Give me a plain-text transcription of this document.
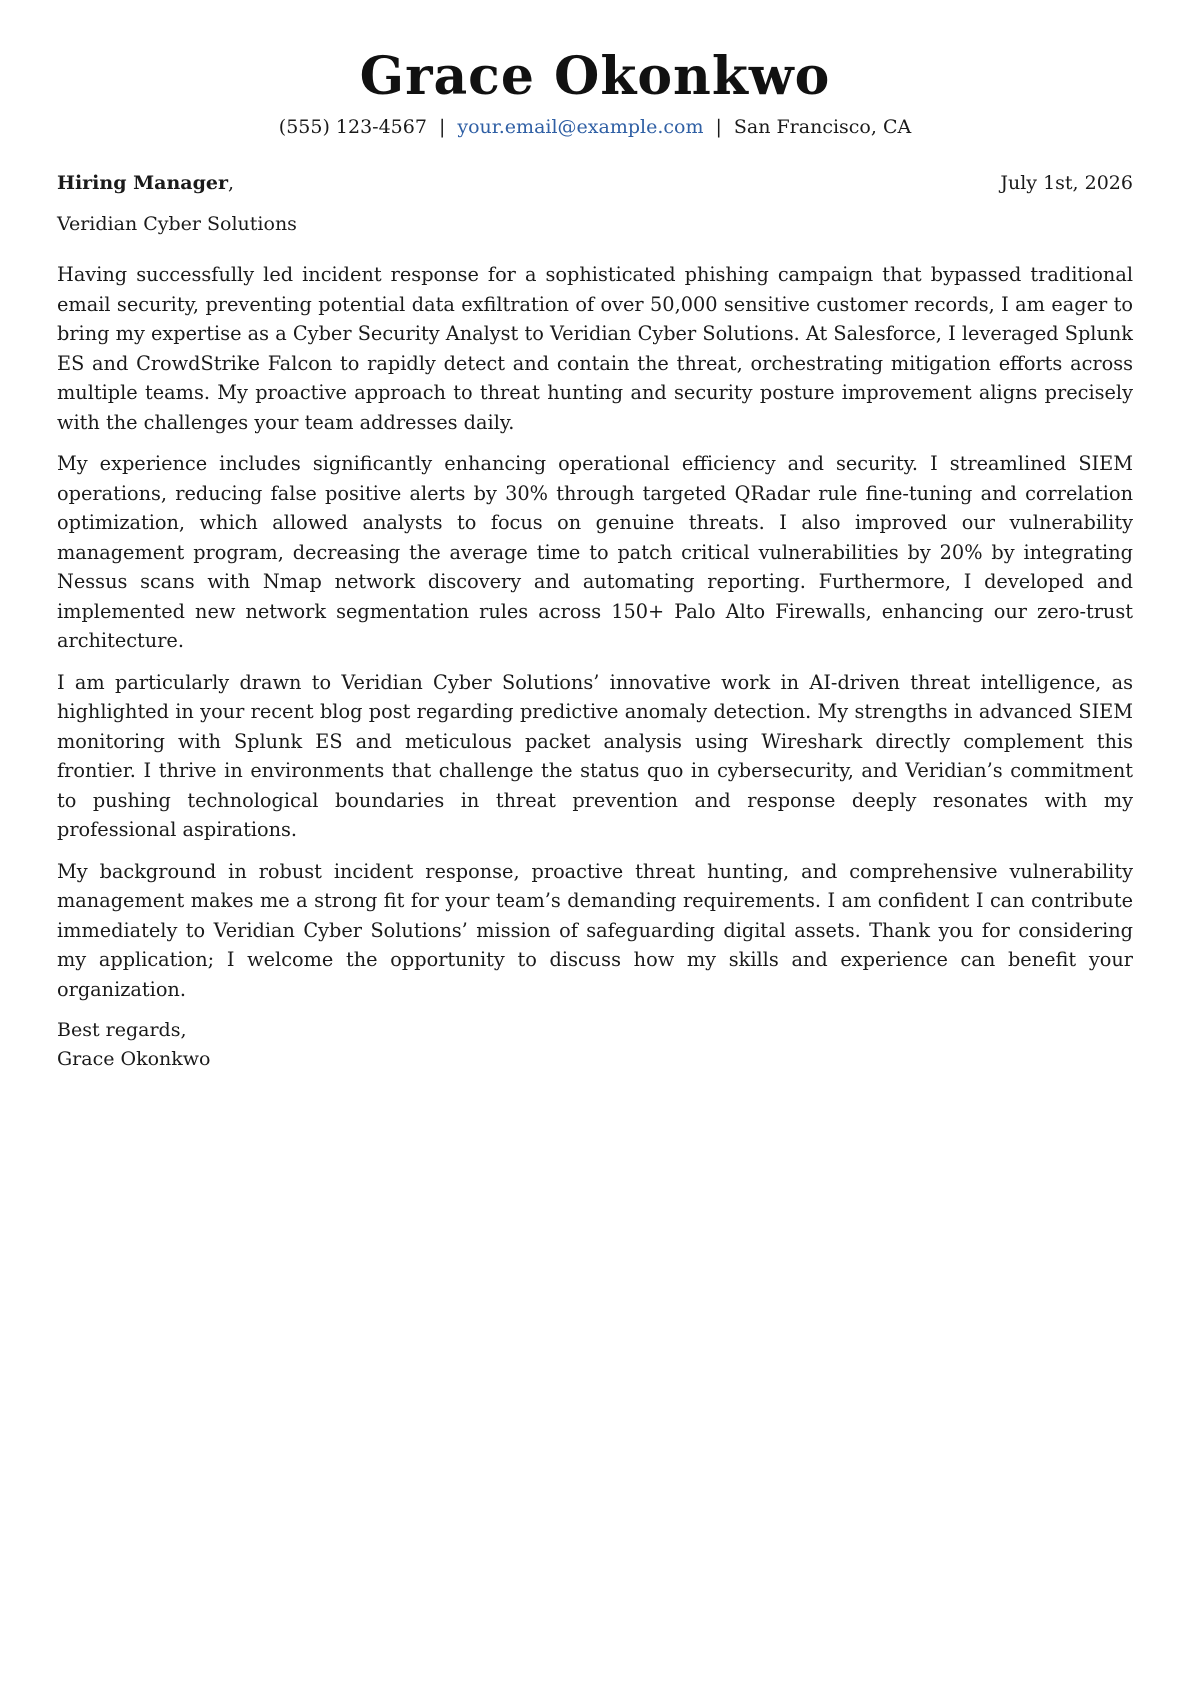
Grace Okonkwo
(555) 123-4567 | your.email@example.com | San Francisco, CA
Hiring Manager,	July 1st, 2026
Veridian Cyber Solutions

Having successfully led incident response for a sophisticated phishing campaign that bypassed traditional email security, preventing potential data exfiltration of over 50,000 sensitive customer records, I am eager to bring my expertise as a Cyber Security Analyst to Veridian Cyber Solutions. At Salesforce, I leveraged Splunk ES and CrowdStrike Falcon to rapidly detect and contain the threat, orchestrating mitigation efforts across multiple teams. My proactive approach to threat hunting and security posture improvement aligns precisely with the challenges your team addresses daily.

My experience includes significantly enhancing operational efficiency and security. I streamlined SIEM operations, reducing false positive alerts by 30% through targeted QRadar rule fine-tuning and correlation optimization, which allowed analysts to focus on genuine threats. I also improved our vulnerability management program, decreasing the average time to patch critical vulnerabilities by 20% by integrating Nessus scans with Nmap network discovery and automating reporting. Furthermore, I developed and implemented new network segmentation rules across 150+ Palo Alto Firewalls, enhancing our zero-trust architecture.

I am particularly drawn to Veridian Cyber Solutions’ innovative work in AI-driven threat intelligence, as highlighted in your recent blog post regarding predictive anomaly detection. My strengths in advanced SIEM monitoring with Splunk ES and meticulous packet analysis using Wireshark directly complement this frontier. I thrive in environments that challenge the status quo in cybersecurity, and Veridian’s commitment to pushing technological boundaries in threat prevention and response deeply resonates with my professional aspirations.

My background in robust incident response, proactive threat hunting, and comprehensive vulnerability management makes me a strong fit for your team’s demanding requirements. I am confident I can contribute immediately to Veridian Cyber Solutions’ mission of safeguarding digital assets. Thank you for considering my application; I welcome the opportunity to discuss how my skills and experience can benefit your organization.

Best regards,
Grace Okonkwo
